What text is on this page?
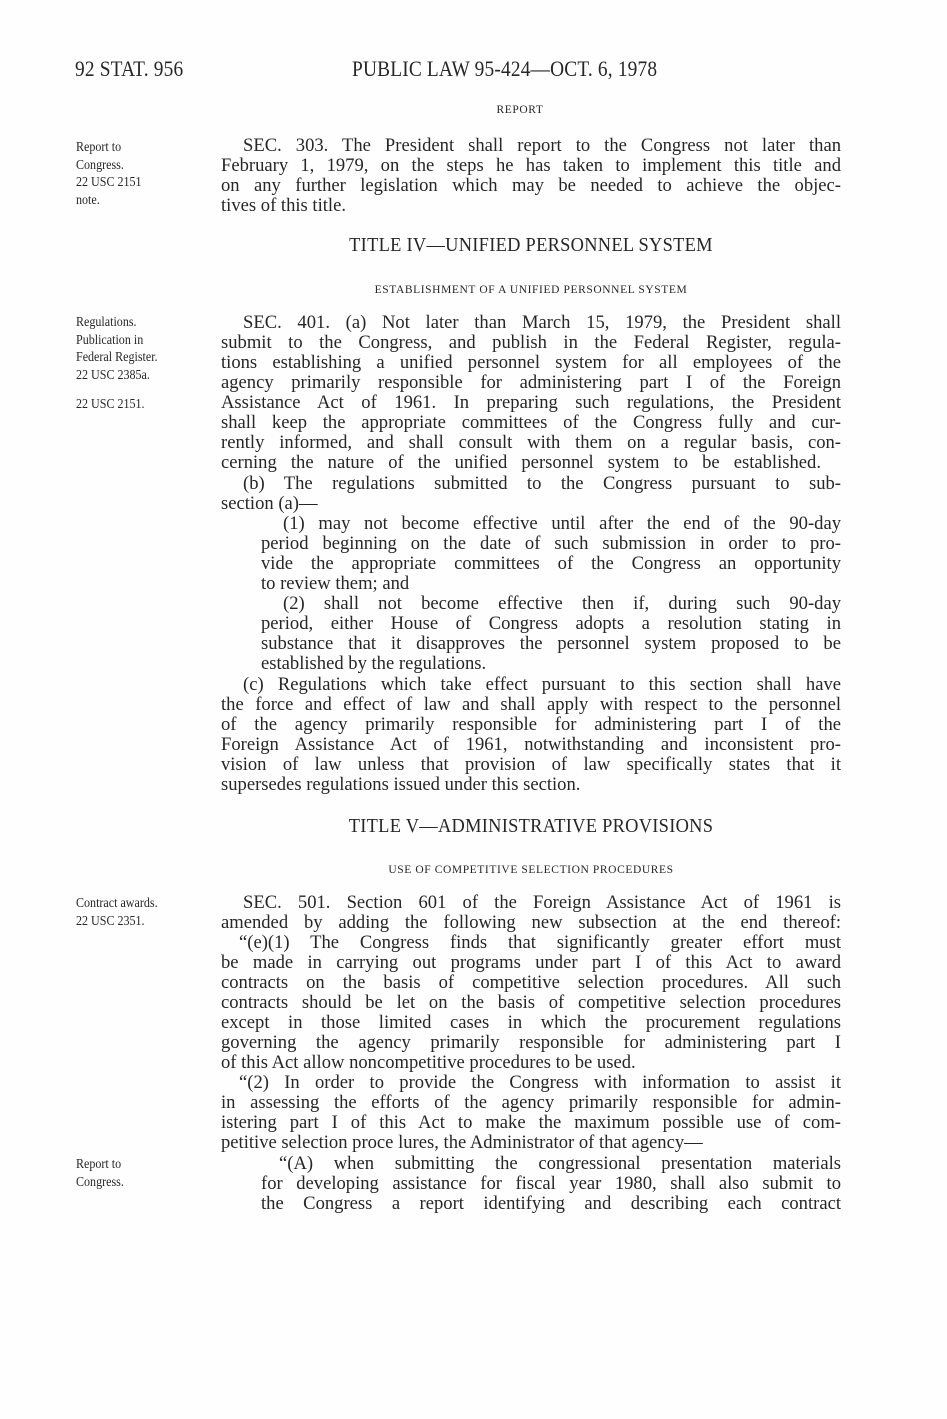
92 STAT. 956	PUBLIC LAW 95-424—OCT. 6, 1978
REPORT
Report to
Congress.
22 USC 2151
note.
SEC. 303. The President shall report to the Congress not later than
February 1, 1979, on the steps he has taken to implement this title and
on any further legislation which may be needed to achieve the objec-
tives of this title.
TITLE IV—UNIFIED PERSONNEL SYSTEM
ESTABLISHMENT OF A UNIFIED PERSONNEL SYSTEM
Regulations.
Publication in
Federal Register.
22 USC 2385a.
22 USC 2151.
SEC. 401. (a) Not later than March 15, 1979, the President shall
submit to the Congress, and publish in the Federal Register, regula-
tions establishing a unified personnel system for all employees of the
agency primarily responsible for administering part I of the Foreign
Assistance Act of 1961. In preparing such regulations, the President
shall keep the appropriate committees of the Congress fully and cur-
rently informed, and shall consult with them on a regular basis, con-
cerning the nature of the unified personnel system to be established.
(b) The regulations submitted to the Congress pursuant to sub-
section (a)—
(1) may not become effective until after the end of the 90-day
period beginning on the date of such submission in order to pro-
vide the appropriate committees of the Congress an opportunity
to review them; and
(2) shall not become effective then if, during such 90-day
period, either House of Congress adopts a resolution stating in
substance that it disapproves the personnel system proposed to be
established by the regulations.
(c) Regulations which take effect pursuant to this section shall have
the force and effect of law and shall apply with respect to the personnel
of the agency primarily responsible for administering part I of the
Foreign Assistance Act of 1961, notwithstanding and inconsistent pro-
vision of law unless that provision of law specifically states that it
supersedes regulations issued under this section.
TITLE V—ADMINISTRATIVE PROVISIONS
USE OF COMPETITIVE SELECTION PROCEDURES
Contract awards.
22 USC 2351.
Report to
Congress.
SEC. 501. Section 601 of the Foreign Assistance Act of 1961 is
amended by adding the following new subsection at the end thereof:
“(e)(1) The Congress finds that significantly greater effort must
be made in carrying out programs under part I of this Act to award
contracts on the basis of competitive selection procedures. All such
contracts should be let on the basis of competitive selection procedures
except in those limited cases in which the procurement regulations
governing the agency primarily responsible for administering part I
of this Act allow noncompetitive procedures to be used.
“(2) In order to provide the Congress with information to assist it
in assessing the efforts of the agency primarily responsible for admin-
istering part I of this Act to make the maximum possible use of com-
petitive selection proce lures, the Administrator of that agency—
“(A) when submitting the congressional presentation materials
for developing assistance for fiscal year 1980, shall also submit to
the Congress a report identifying and describing each contract
